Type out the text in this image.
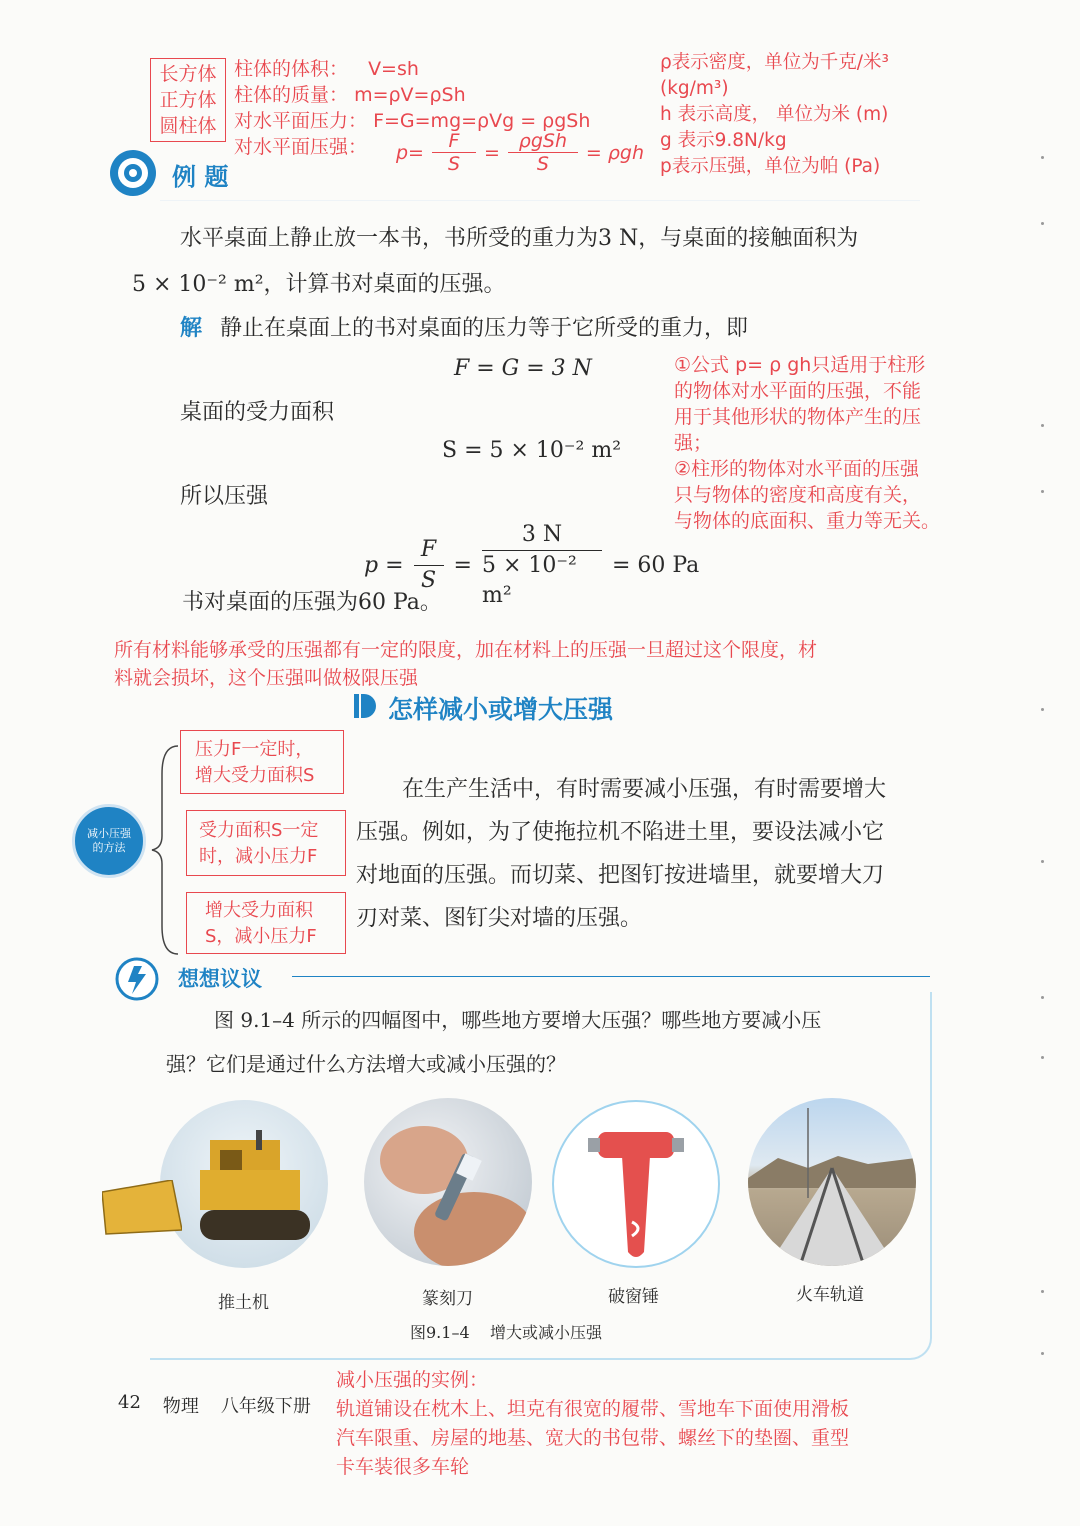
长方体
正方体
圆柱体
柱体的体积： V=sh
柱体的质量： m=ρV=ρSh
对水平面压力： F=G=mg=ρVg = ρgSh
对水平面压强：	$p= \frac{F}{S} = \frac{\text{ρgSh}}{S} = \rho gh$
ρ表示密度，单位为千克/米³
(kg/m³)
h 表示高度， 单位为米 (m)
g 表示9.8N/kg
p表示压强，单位为帕 (Pa)
例 题
水平桌面上静止放一本书，书所受的重力为3 N，与桌面的接触面积为
5 × 10⁻² m²，计算书对桌面的压强。
解 静止在桌面上的书对桌面的压力等于它所受的重力，即
F = G = 3 N
桌面的受力面积
S = 5 × 10⁻² m²
所以压强
$p = \frac{F}{S} = \frac{3 N}{\text{5 × 10⁻² m²}} = 60$ Pa
书对桌面的压强为60 Pa。
①公式 p= ρ gh只适用于柱形
的物体对水平面的压强，不能
用于其他形状的物体产生的压
强；
②柱形的物体对水平面的压强
只与物体的密度和高度有关，
与物体的底面积、重力等无关。
所有材料能够承受的压强都有一定的限度，加在材料上的压强一旦超过这个限度，材
料就会损坏，这个压强叫做极限压强
怎样减小或增大压强
减小压强
的方法
压力F一定时，
增大受力面积S
受力面积S一定
时，减小压力F
增大受力面积
S，减小压力F
在生产生活中，有时需要减小压强，有时需要增大
压强。例如，为了使拖拉机不陷进土里，要设法减小它
对地面的压强。而切菜、把图钉按进墙里，就要增大刀
刃对菜、图钉尖对墙的压强。
想想议议
图 9.1–4 所示的四幅图中，哪些地方要增大压强？哪些地方要减小压
强？它们是通过什么方法增大或减小压强的？
推土机	篆刻刀	破窗锤	火车轨道
图9.1–4    增大或减小压强
42 物理 八年级下册
减小压强的实例：
轨道铺设在枕木上、坦克有很宽的履带、雪地车下面使用滑板
汽车限重、房屋的地基、宽大的书包带、螺丝下的垫圈、重型
卡车装很多车轮
